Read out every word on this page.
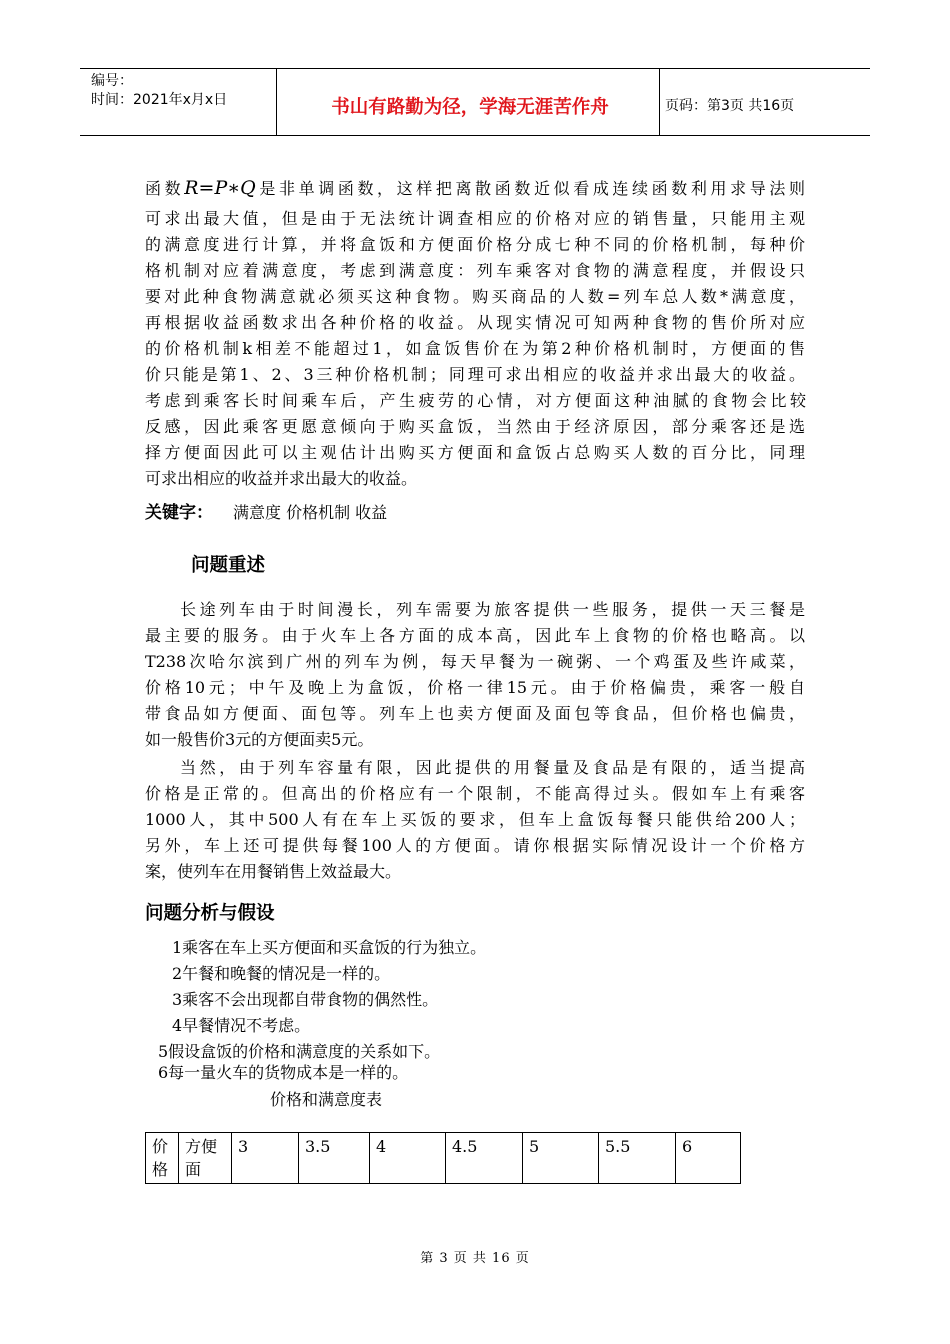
编号：
时间：2021年x月x日	书山有路勤为径，学海无涯苦作舟	页码：第3页 共16页
函数R=P∗Q是非单调函数，这样把离散函数近似看成连续函数利用求导法则
可求出最大值，但是由于无法统计调查相应的价格对应的销售量，只能用主观
的满意度进行计算，并将盒饭和方便面价格分成七种不同的价格机制，每种价
格机制对应着满意度，考虑到满意度：列车乘客对食物的满意程度，并假设只
要对此种食物满意就必须买这种食物。购买商品的人数=列车总人数*满意度，
再根据收益函数求出各种价格的收益。从现实情况可知两种食物的售价所对应
的价格机制k相差不能超过1，如盒饭售价在为第2种价格机制时，方便面的售
价只能是第1、2、3三种价格机制；同理可求出相应的收益并求出最大的收益。
考虑到乘客长时间乘车后，产生疲劳的心情，对方便面这种油腻的食物会比较
反感，因此乘客更愿意倾向于购买盒饭，当然由于经济原因，部分乘客还是选
择方便面因此可以主观估计出购买方便面和盒饭占总购买人数的百分比，同理
可求出相应的收益并求出最大的收益。
关键字： 满意度 价格机制 收益
问题重述
长途列车由于时间漫长，列车需要为旅客提供一些服务，提供一天三餐是
最主要的服务。由于火车上各方面的成本高，因此车上食物的价格也略高。以
T238次哈尔滨到广州的列车为例，每天早餐为一碗粥、一个鸡蛋及些许咸菜，
价格10元；中午及晚上为盒饭，价格一律15元。由于价格偏贵，乘客一般自
带食品如方便面、面包等。列车上也卖方便面及面包等食品，但价格也偏贵，
如一般售价3元的方便面卖5元。
当然，由于列车容量有限，因此提供的用餐量及食品是有限的，适当提高
价格是正常的。但高出的价格应有一个限制，不能高得过头。假如车上有乘客
1000人，其中500人有在车上买饭的要求，但车上盒饭每餐只能供给200人；
另外，车上还可提供每餐100人的方便面。请你根据实际情况设计一个价格方
案，使列车在用餐销售上效益最大。
问题分析与假设
1乘客在车上买方便面和买盒饭的行为独立。
2午餐和晚餐的情况是一样的。
3乘客不会出现都自带食物的偶然性。
4早餐情况不考虑。
5假设盒饭的价格和满意度的关系如下。
6每一量火车的货物成本是一样的。
价格和满意度表
价格	方便面	3	3.5	4	4.5	5	5.5	6
第 3 页 共 16 页
